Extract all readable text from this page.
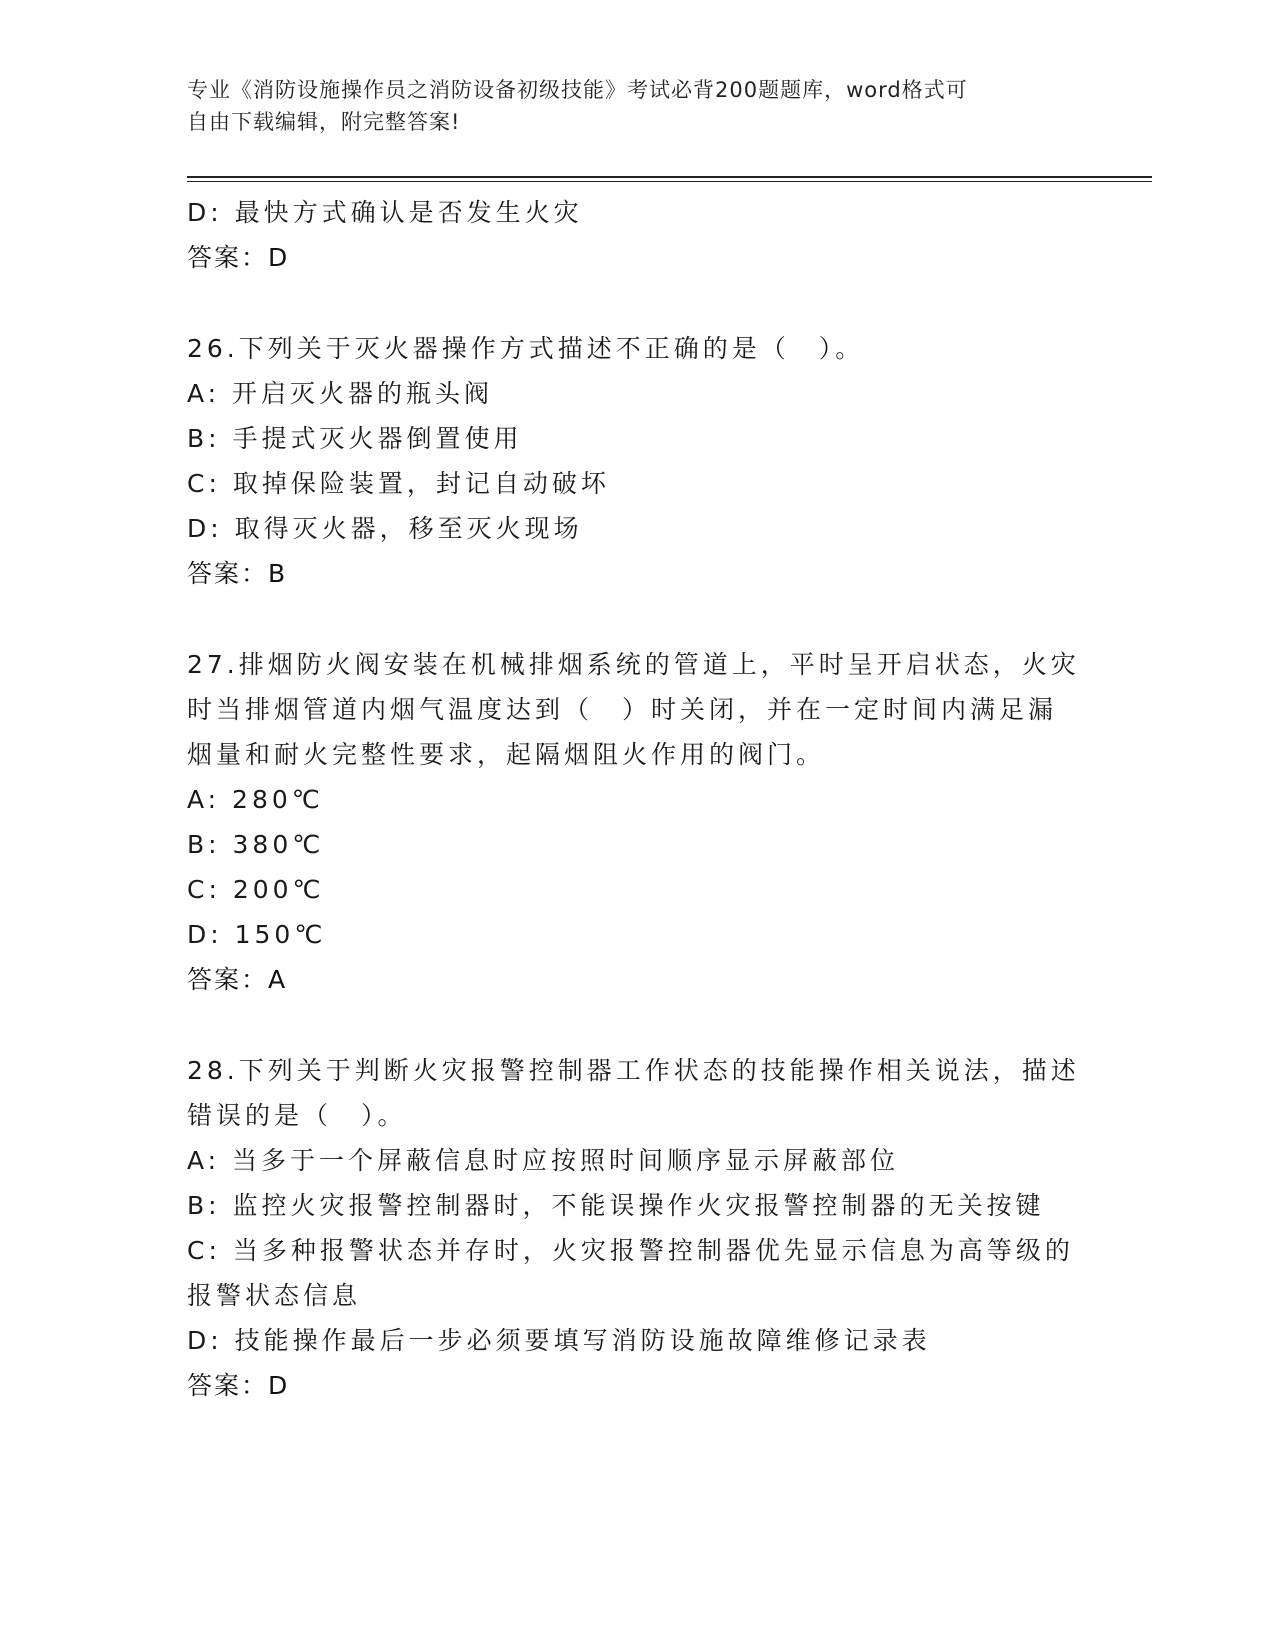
专业《消防设施操作员之消防设备初级技能》考试必背200题题库，word格式可
自由下载编辑，附完整答案!
D: 最快方式确认是否发生火灾
答案：D
26.下列关于灭火器操作方式描述不正确的是（　）。
A: 开启灭火器的瓶头阀
B: 手提式灭火器倒置使用
C: 取掉保险装置，封记自动破坏
D: 取得灭火器，移至灭火现场
答案：B
27.排烟防火阀安装在机械排烟系统的管道上，平时呈开启状态，火灾
时当排烟管道内烟气温度达到（　）时关闭，并在一定时间内满足漏
烟量和耐火完整性要求，起隔烟阻火作用的阀门。
A: 280℃
B: 380℃
C: 200℃
D: 150℃
答案：A
28.下列关于判断火灾报警控制器工作状态的技能操作相关说法，描述
错误的是（　）。
A: 当多于一个屏蔽信息时应按照时间顺序显示屏蔽部位
B: 监控火灾报警控制器时，不能误操作火灾报警控制器的无关按键
C: 当多种报警状态并存时，火灾报警控制器优先显示信息为高等级的
报警状态信息
D: 技能操作最后一步必须要填写消防设施故障维修记录表
答案：D
